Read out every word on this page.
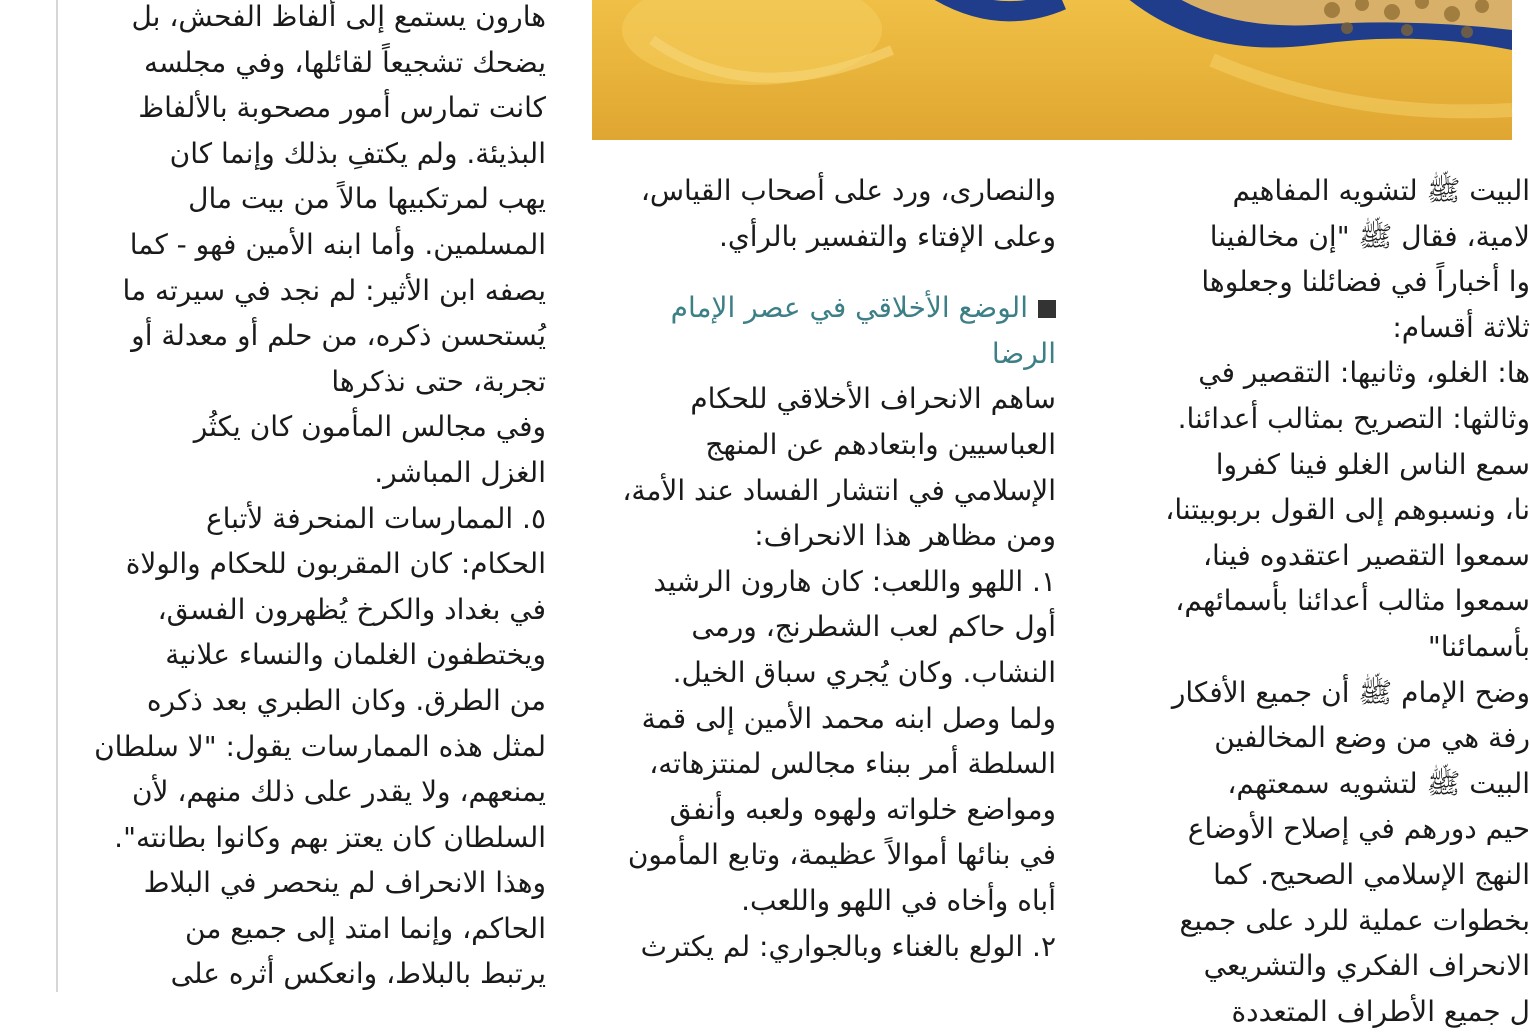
هارون يستمع إلى ألفاظ الفحش، بل

يضحك تشجيعاً لقائلها، وفي مجلسه

كانت تمارس أمور مصحوبة بالألفاظ

البذيئة. ولم يكتفِ بذلك وإنما كان

يهب لمرتكبيها مالاً من بيت مال

المسلمين. وأما ابنه الأمين فهو - كما

يصفه ابن الأثير: لم نجد في سيرته ما

يُستحسن ذكره، من حلم أو معدلة أو

تجربة، حتى نذكرها

وفي مجالس المأمون كان يكثُر

الغزل المباشر.

٥. الممارسات المنحرفة لأتباع

الحكام: كان المقربون للحكام والولاة

في بغداد والكرخ يُظهرون الفسق،

ويختطفون الغلمان والنساء علانية

من الطرق. وكان الطبري بعد ذكره

لمثل هذه الممارسات يقول: "لا سلطان

يمنعهم، ولا يقدر على ذلك منهم، لأن

السلطان كان يعتز بهم وكانوا بطانته".

وهذا الانحراف لم ينحصر في البلاط

الحاكم، وإنما امتد إلى جميع من

يرتبط بالبلاط، وانعكس أثره على

والنصارى، ورد على أصحاب القياس،

وعلى الإفتاء والتفسير بالرأي.

الوضع الأخلاقي في عصر الإمام

الرضا

ساهم الانحراف الأخلاقي للحكام

العباسيين وابتعادهم عن المنهج

الإسلامي في انتشار الفساد عند الأمة،

ومن مظاهر هذا الانحراف:

١. اللهو واللعب: كان هارون الرشيد

أول حاكم لعب الشطرنج، ورمى

النشاب. وكان يُجري سباق الخيل.

ولما وصل ابنه محمد الأمين إلى قمة

السلطة أمر ببناء مجالس لمنتزهاته،

ومواضع خلواته ولهوه ولعبه وأنفق

في بنائها أموالاً عظيمة، وتابع المأمون

أباه وأخاه في اللهو واللعب.

٢. الولع بالغناء وبالجواري: لم يكترث

البيت ﷺ لتشويه المفاهيم

لامية، فقال ﷺ "إن مخالفينا

وا أخباراً في فضائلنا وجعلوها

ثلاثة أقسام:

ها: الغلو، وثانيها: التقصير في

وثالثها: التصريح بمثالب أعدائنا.

سمع الناس الغلو فينا كفروا

نا، ونسبوهم إلى القول بربوبيتنا،

سمعوا التقصير اعتقدوه فينا،

سمعوا مثالب أعدائنا بأسمائهم،

بأسمائنا"

وضح الإمام ﷺ أن جميع الأفكار

رفة هي من وضع المخالفين

البيت ﷺ لتشويه سمعتهم،

حيم دورهم في إصلاح الأوضاع

النهج الإسلامي الصحيح. كما

بخطوات عملية للرد على جميع

الانحراف الفكري والتشريعي

ل جميع الأطراف المتعددة
